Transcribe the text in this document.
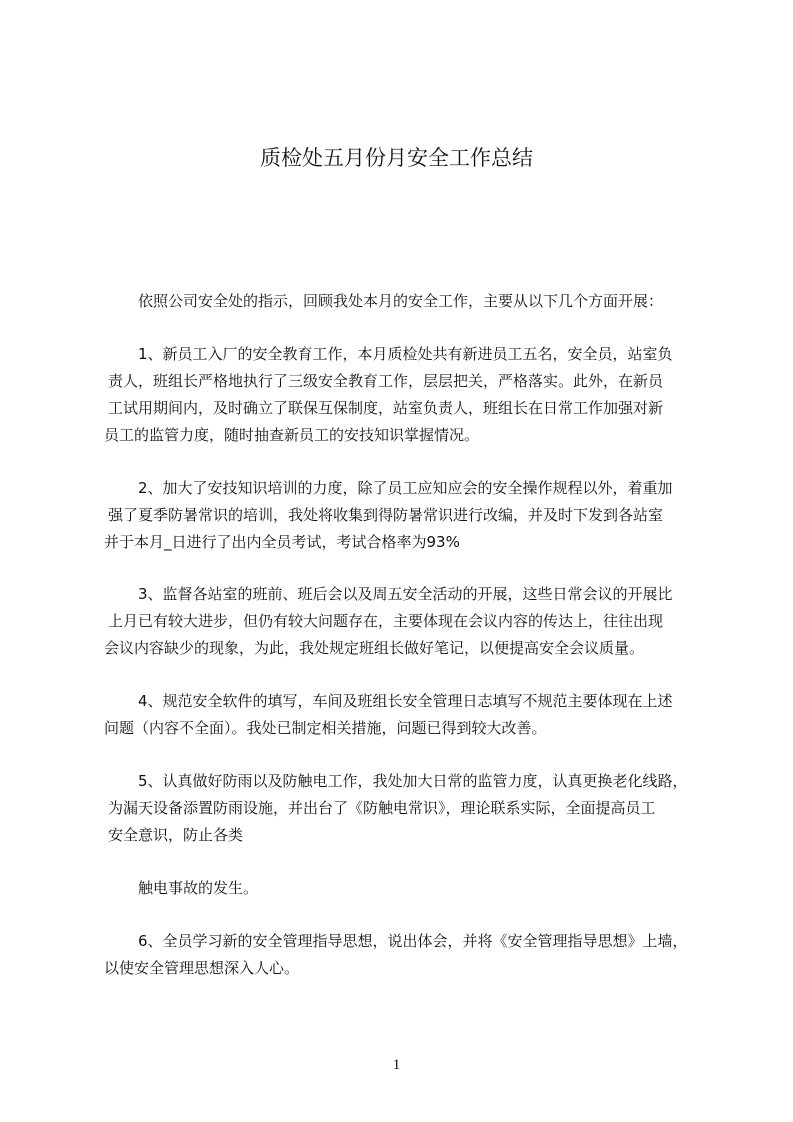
质检处五月份月安全工作总结
依照公司安全处的指示，回顾我处本月的安全工作，主要从以下几个方面开展：
1、新员工入厂的安全教育工作，本月质检处共有新进员工五名，安全员，站室负
责人，班组长严格地执行了三级安全教育工作，层层把关，严格落实。此外，在新员
工试用期间内，及时确立了联保互保制度，站室负责人，班组长在日常工作加强对新
员工的监管力度，随时抽查新员工的安技知识掌握情况。
2、加大了安技知识培训的力度，除了员工应知应会的安全操作规程以外，着重加
强了夏季防暑常识的培训，我处将收集到得防暑常识进行改编，并及时下发到各站室
并于本月_日进行了出内全员考试，考试合格率为93%
3、监督各站室的班前、班后会以及周五安全活动的开展，这些日常会议的开展比
上月已有较大进步，但仍有较大问题存在，主要体现在会议内容的传达上，往往出现
会议内容缺少的现象，为此，我处规定班组长做好笔记，以便提高安全会议质量。
4、规范安全软件的填写，车间及班组长安全管理日志填写不规范主要体现在上述
问题（内容不全面）。我处已制定相关措施，问题已得到较大改善。
5、认真做好防雨以及防触电工作，我处加大日常的监管力度，认真更换老化线路，
为漏天设备添置防雨设施，并出台了《防触电常识》，理论联系实际，全面提高员工
安全意识，防止各类
触电事故的发生。
6、全员学习新的安全管理指导思想，说出体会，并将《安全管理指导思想》上墙，
以使安全管理思想深入人心。
1
